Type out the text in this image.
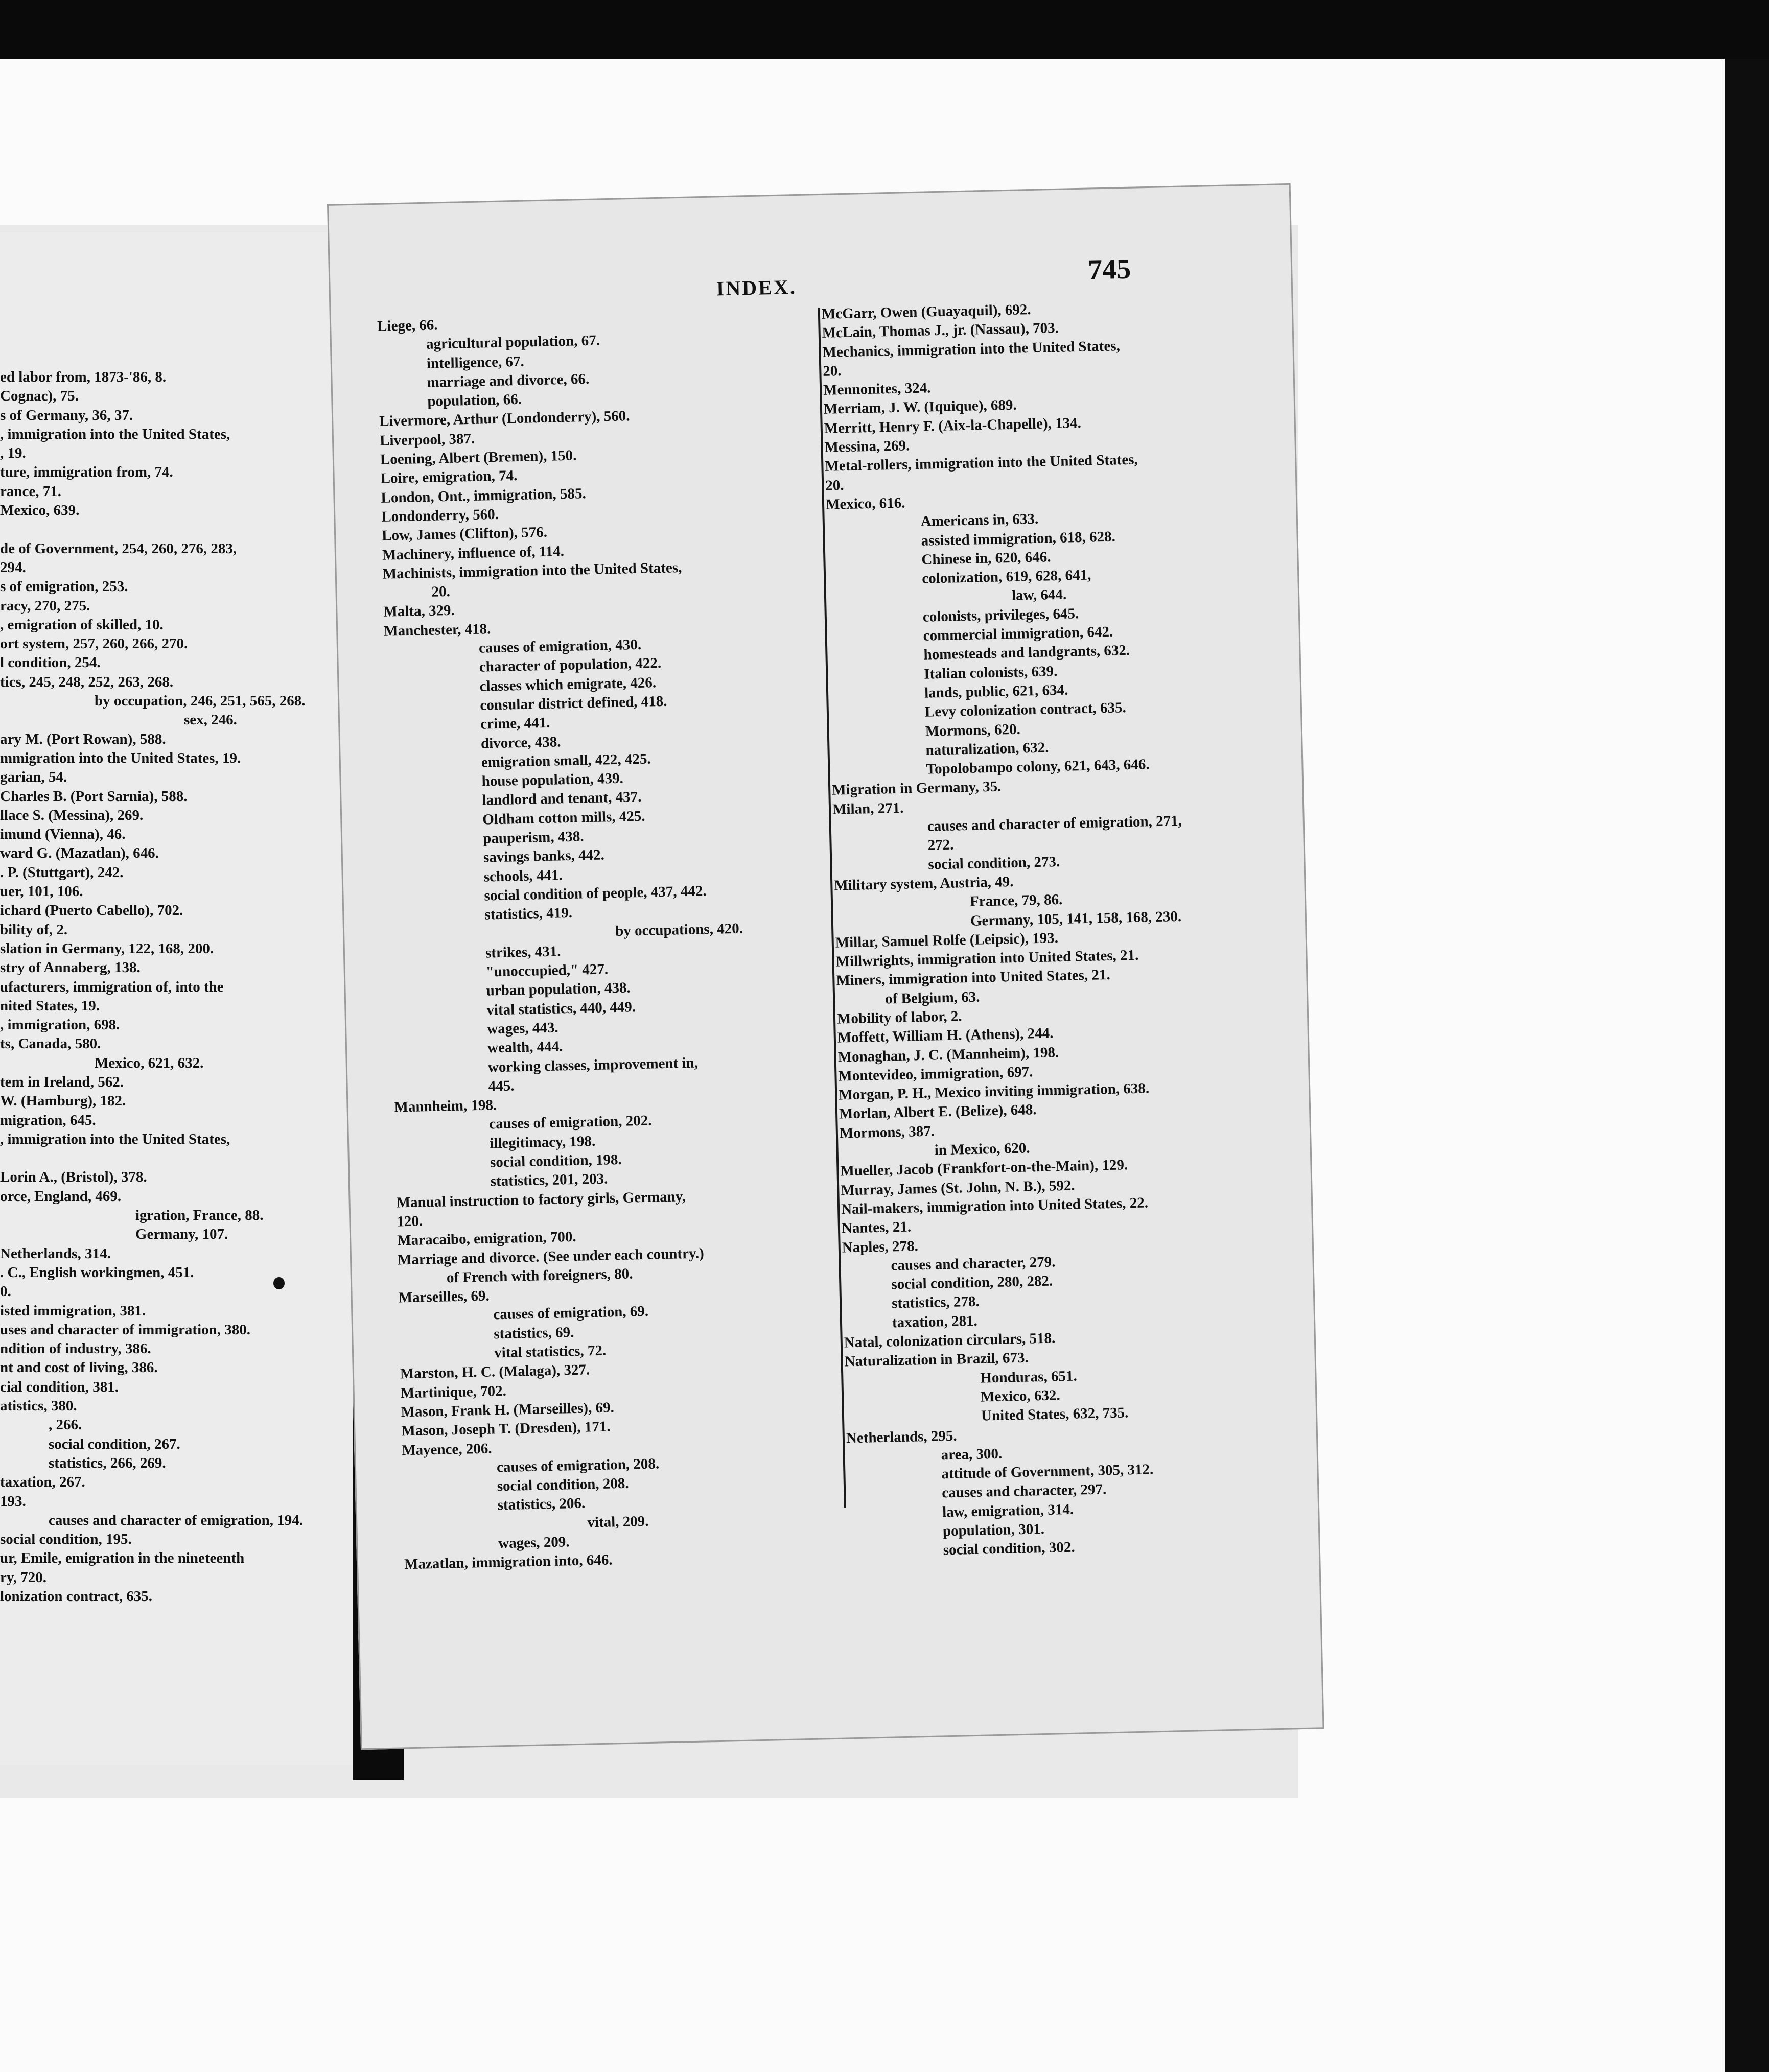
ed labor from, 1873-'86, 8.
Cognac), 75.
s of Germany, 36, 37.
, immigration into the United States,
, 19.
ture, immigration from, 74.
rance, 71.
Mexico, 639.
de of Government, 254, 260, 276, 283,
294.
s of emigration, 253.
racy, 270, 275.
, emigration of skilled, 10.
ort system, 257, 260, 266, 270.
l condition, 254.
tics, 245, 248, 252, 263, 268.
by occupation, 246, 251, 565, 268.
sex, 246.
ary M. (Port Rowan), 588.
mmigration into the United States, 19.
garian, 54.
Charles B. (Port Sarnia), 588.
llace S. (Messina), 269.
imund (Vienna), 46.
ward G. (Mazatlan), 646.
. P. (Stuttgart), 242.
uer, 101, 106.
ichard (Puerto Cabello), 702.
bility of, 2.
slation in Germany, 122, 168, 200.
stry of Annaberg, 138.
ufacturers, immigration of, into the
nited States, 19.
, immigration, 698.
ts, Canada, 580.
Mexico, 621, 632.
tem in Ireland, 562.
W. (Hamburg), 182.
migration, 645.
, immigration into the United States,
Lorin A., (Bristol), 378.
orce, England, 469.
igration, France, 88.
Germany, 107.
Netherlands, 314.
. C., English workingmen, 451.
0.
isted immigration, 381.
uses and character of immigration, 380.
ndition of industry, 386.
nt and cost of living, 386.
cial condition, 381.
atistics, 380.
, 266.
social condition, 267.
statistics, 266, 269.
taxation, 267.
193.
causes and character of emigration, 194.
social condition, 195.
ur, Emile, emigration in the nineteenth
ry, 720.
lonization contract, 635.
INDEX.
745
Liege, 66.
agricultural population, 67.
intelligence, 67.
marriage and divorce, 66.
population, 66.
Livermore, Arthur (Londonderry), 560.
Liverpool, 387.
Loening, Albert (Bremen), 150.
Loire, emigration, 74.
London, Ont., immigration, 585.
Londonderry, 560.
Low, James (Clifton), 576.
Machinery, influence of, 114.
Machinists, immigration into the United States,
20.
Malta, 329.
Manchester, 418.
causes of emigration, 430.
character of population, 422.
classes which emigrate, 426.
consular district defined, 418.
crime, 441.
divorce, 438.
emigration small, 422, 425.
house population, 439.
landlord and tenant, 437.
Oldham cotton mills, 425.
pauperism, 438.
savings banks, 442.
schools, 441.
social condition of people, 437, 442.
statistics, 419.
by occupations, 420.
strikes, 431.
"unoccupied," 427.
urban population, 438.
vital statistics, 440, 449.
wages, 443.
wealth, 444.
working classes, improvement in,
445.
Mannheim, 198.
causes of emigration, 202.
illegitimacy, 198.
social condition, 198.
statistics, 201, 203.
Manual instruction to factory girls, Germany,
120.
Maracaibo, emigration, 700.
Marriage and divorce. (See under each country.)
of French with foreigners, 80.
Marseilles, 69.
causes of emigration, 69.
statistics, 69.
vital statistics, 72.
Marston, H. C. (Malaga), 327.
Martinique, 702.
Mason, Frank H. (Marseilles), 69.
Mason, Joseph T. (Dresden), 171.
Mayence, 206.
causes of emigration, 208.
social condition, 208.
statistics, 206.
vital, 209.
wages, 209.
Mazatlan, immigration into, 646.
McGarr, Owen (Guayaquil), 692.
McLain, Thomas J., jr. (Nassau), 703.
Mechanics, immigration into the United States,
20.
Mennonites, 324.
Merriam, J. W. (Iquique), 689.
Merritt, Henry F. (Aix-la-Chapelle), 134.
Messina, 269.
Metal-rollers, immigration into the United States,
20.
Mexico, 616.
Americans in, 633.
assisted immigration, 618, 628.
Chinese in, 620, 646.
colonization, 619, 628, 641,
law, 644.
colonists, privileges, 645.
commercial immigration, 642.
homesteads and landgrants, 632.
Italian colonists, 639.
lands, public, 621, 634.
Levy colonization contract, 635.
Mormons, 620.
naturalization, 632.
Topolobampo colony, 621, 643, 646.
Migration in Germany, 35.
Milan, 271.
causes and character of emigration, 271,
272.
social condition, 273.
Military system, Austria, 49.
France, 79, 86.
Germany, 105, 141, 158, 168, 230.
Millar, Samuel Rolfe (Leipsic), 193.
Millwrights, immigration into United States, 21.
Miners, immigration into United States, 21.
of Belgium, 63.
Mobility of labor, 2.
Moffett, William H. (Athens), 244.
Monaghan, J. C. (Mannheim), 198.
Montevideo, immigration, 697.
Morgan, P. H., Mexico inviting immigration, 638.
Morlan, Albert E. (Belize), 648.
Mormons, 387.
in Mexico, 620.
Mueller, Jacob (Frankfort-on-the-Main), 129.
Murray, James (St. John, N. B.), 592.
Nail-makers, immigration into United States, 22.
Nantes, 21.
Naples, 278.
causes and character, 279.
social condition, 280, 282.
statistics, 278.
taxation, 281.
Natal, colonization circulars, 518.
Naturalization in Brazil, 673.
Honduras, 651.
Mexico, 632.
United States, 632, 735.
Netherlands, 295.
area, 300.
attitude of Government, 305, 312.
causes and character, 297.
law, emigration, 314.
population, 301.
social condition, 302.
